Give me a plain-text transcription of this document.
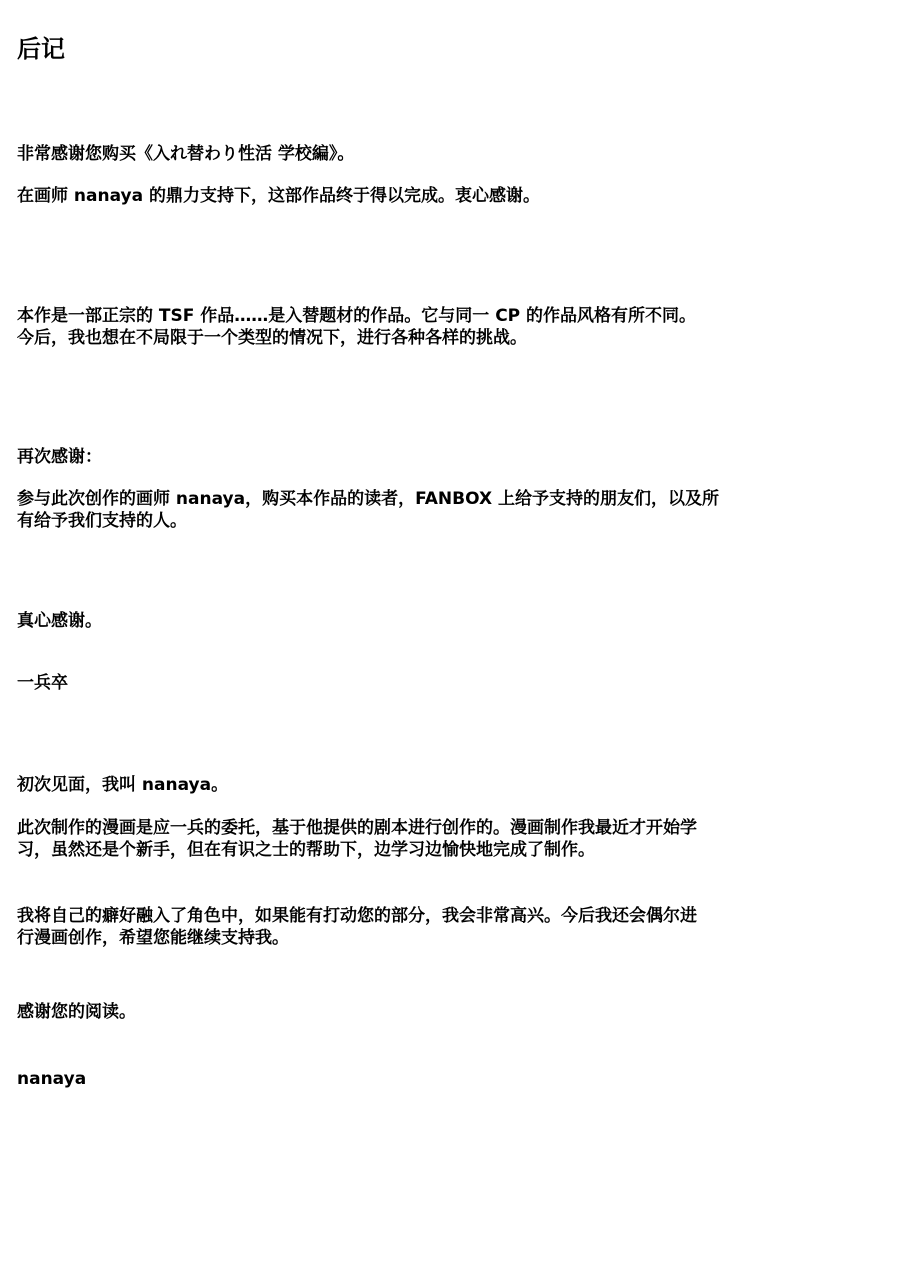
后记

非常感谢您购买《入れ替わり性活 学校編》。

在画师 nanaya 的鼎力支持下，这部作品终于得以完成。衷心感谢。

本作是一部正宗的 TSF 作品……是入替题材的作品。它与同一 CP 的作品风格有所不同。

今后，我也想在不局限于一个类型的情况下，进行各种各样的挑战。

再次感谢：

参与此次创作的画师 nanaya，购买本作品的读者，FANBOX 上给予支持的朋友们，以及所

有给予我们支持的人。

真心感谢。

一兵卒

初次见面，我叫 nanaya。

此次制作的漫画是应一兵的委托，基于他提供的剧本进行创作的。漫画制作我最近才开始学

习，虽然还是个新手，但在有识之士的帮助下，边学习边愉快地完成了制作。

我将自己的癖好融入了角色中，如果能有打动您的部分，我会非常高兴。今后我还会偶尔进

行漫画创作，希望您能继续支持我。

感谢您的阅读。

nanaya
